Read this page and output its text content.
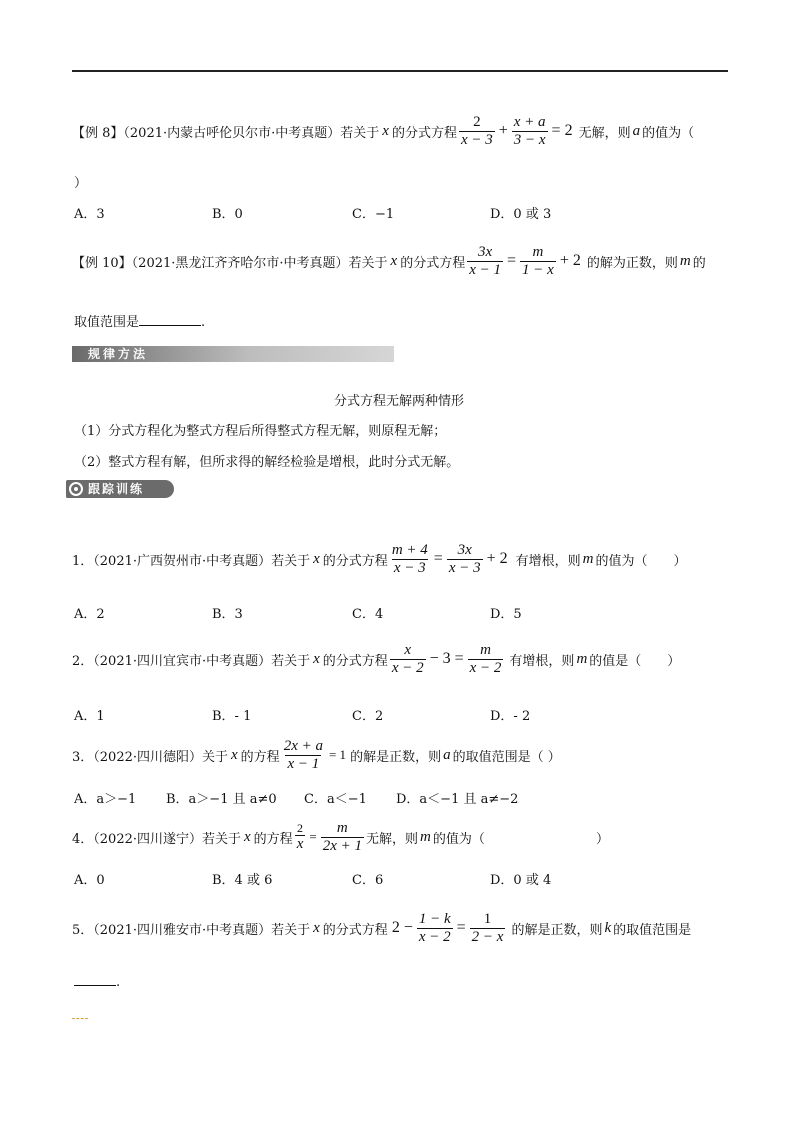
【例 8】（2021·内蒙古呼伦贝尔市·中考真题）若关于 x 的分式方程 $\frac{2}{x - 3} + \frac{x + a}{3 - x} = 2$ 无解，则 a 的值为（
）
A．3	B．0	C．−1	D．0 或 3
【例 10】（2021·黑龙江齐齐哈尔市·中考真题）若关于 x 的分式方程 $\frac{3x}{x - 1} = \frac{m}{1 - x} + 2$ 的解为正数，则 m 的
取值范围是	.
规律方法
分式方程无解两种情形
（1）分式方程化为整式方程后所得整式方程无解，则原程无解；
（2）整式方程有解，但所求得的解经检验是增根，此时分式无解。
跟踪训练
1．（2021·广西贺州市·中考真题）若关于 x 的分式方程 $\frac{m + 4}{x - 3} = \frac{3x}{x - 3} + 2$ 有增根，则 m 的值为（　　）
A．2	B．3	C．4	D．5
2．（2021·四川宜宾市·中考真题）若关于 x 的分式方程 $\frac{x}{x - 2} - 3 = \frac{m}{x - 2}$ 有增根，则 m 的值是（　　）
A．1	B．- 1	C．2	D．- 2
3．（2022·四川德阳）关于 x 的方程 $\frac{2x + a}{x - 1} = 1$ 的解是正数，则 a 的取值范围是（ ）
A．a＞−1 B．a＞−1 且 a≠0 C．a＜−1 D．a＜−1 且 a≠−2
4．（2022·四川遂宁）若关于 x 的方程 $\frac{2}{x} = \frac{m}{2x + 1}$ 无解，则 m 的值为（	）
A．0	B．4 或 6	C．6	D．0 或 4
5．（2021·四川雅安市·中考真题）若关于 x 的分式方程 $2 - \frac{1 - k}{x - 2} = \frac{1}{2 - x}$ 的解是正数，则 k 的取值范围是
.
